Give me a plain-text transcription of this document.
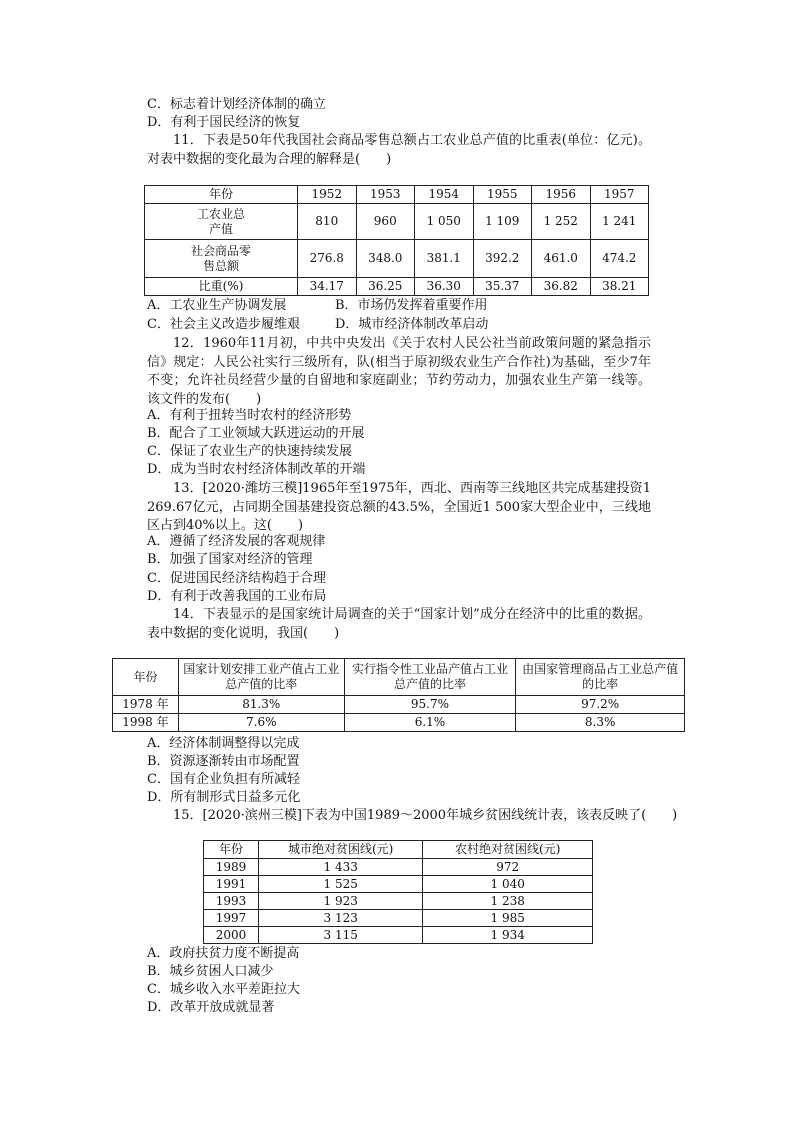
C．标志着计划经济体制的确立
D．有利于国民经济的恢复
11．下表是50年代我国社会商品零售总额占工农业总产值的比重表(单位：亿元)。对表中数据的变化最为合理的解释是(　　)
年份	1952	1953	1954	1955	1956	1957
工农业总产值	810	960	1 050	1 109	1 252	1 241
社会商品零售总额	276.8	348.0	381.1	392.2	461.0	474.2
比重(%)	34.17	36.25	36.30	35.37	36.82	38.21
A．工农业生产协调发展	B．市场仍发挥着重要作用
C．社会主义改造步履维艰	D．城市经济体制改革启动
12．1960年11月初，中共中央发出《关于农村人民公社当前政策问题的紧急指示信》规定：人民公社实行三级所有，队(相当于原初级农业生产合作社)为基础，至少7年不变；允许社员经营少量的自留地和家庭副业；节约劳动力，加强农业生产第一线等。该文件的发布(　　)
A．有利于扭转当时农村的经济形势
B．配合了工业领域大跃进运动的开展
C．保证了农业生产的快速持续发展
D．成为当时农村经济体制改革的开端
13．[2020·潍坊三模]1965年至1975年，西北、西南等三线地区共完成基建投资1 269.67亿元，占同期全国基建投资总额的43.5%，全国近1 500家大型企业中，三线地区占到40%以上。这(　　)
A．遵循了经济发展的客观规律
B．加强了国家对经济的管理
C．促进国民经济结构趋于合理
D．有利于改善我国的工业布局
14．下表显示的是国家统计局调查的关于“国家计划”成分在经济中的比重的数据。表中数据的变化说明，我国(　　)
年份	国家计划安排工业产值占工业总产值的比率	实行指令性工业品产值占工业总产值的比率	由国家管理商品占工业总产值的比率
1978 年	81.3%	95.7%	97.2%
1998 年	7.6%	6.1%	8.3%
A．经济体制调整得以完成
B．资源逐渐转由市场配置
C．国有企业负担有所减轻
D．所有制形式日益多元化
15．[2020·滨州三模]下表为中国1989～2000年城乡贫困线统计表，该表反映了(　　)
年份	城市绝对贫困线(元)	农村绝对贫困线(元)
1989	1 433	972
1991	1 525	1 040
1993	1 923	1 238
1997	3 123	1 985
2000	3 115	1 934
A．政府扶贫力度不断提高
B．城乡贫困人口减少
C．城乡收入水平差距拉大
D．改革开放成就显著
